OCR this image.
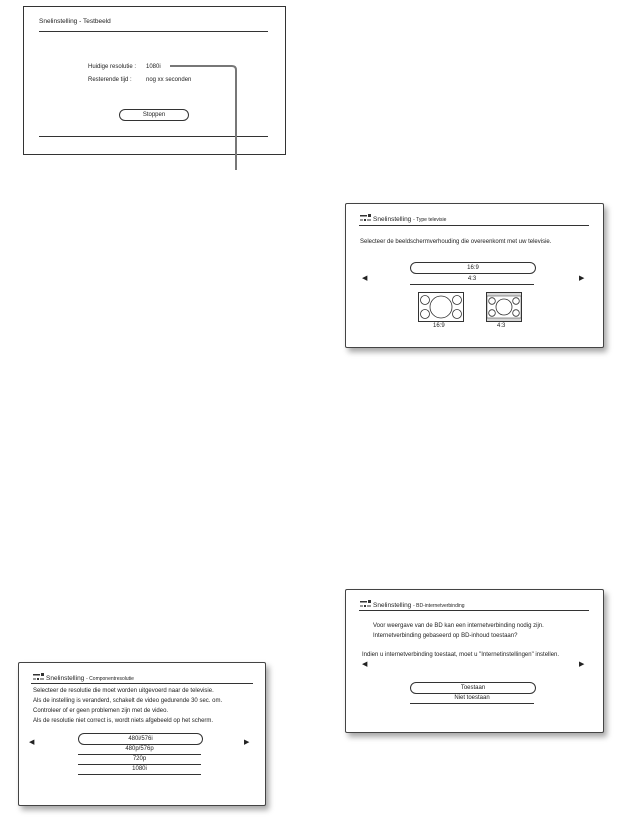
Snelinstelling - Testbeeld
Huidige resolutie : 1080i
Resterende tijd : nog xx seconden
Stoppen
Snelinstelling - Type televisie
Selecteer de beeldschermverhouding die overeenkomt met uw televisie.
◀	▶
16:9
4:3
16:9	4:3
Snelinstelling - Componentresolutie
Selecteer de resolutie die moet worden uitgevoerd naar de televisie.
Als de instelling is veranderd, schakelt de video gedurende 30 sec. om.
Controleer of er geen problemen zijn met de video.
Als de resolutie niet correct is, wordt niets afgebeeld op het scherm.
◀	▶
480i/576i
480p/576p
720p
1080i
Snelinstelling - BD-internetverbinding
Voor weergave van de BD kan een internetverbinding nodig zijn.
Internetverbinding gebaseerd op BD-inhoud toestaan?
Indien u internetverbinding toestaat, moet u "Internetinstellingen" instellen.
◀	▶
Toestaan
Niet toestaan
